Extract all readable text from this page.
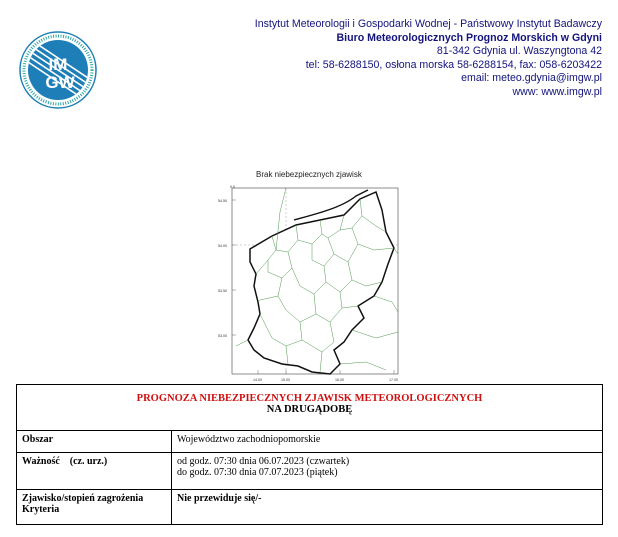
IM
GW
Instytut Meteorologii i Gospodarki Wodnej - Państwowy Instytut Badawczy
Biuro Meteorologicznych Prognoz Morskich w Gdyni
81-342 Gdynia ul. Waszyngtona 42
tel: 58-6288150, osłona morska 58-6288154, fax: 058-6203422
email: meteo.gdynia@imgw.pl
www: www.imgw.pl
Brak niebezpiecznych zjawisk
54.50
54.00
53.50
53.00
14.00	15.00	16.00	17.00
0.0
PROGNOZA NIEBEZPIECZNYCH ZJAWISK METEOROLOGICZNYCH
NA DRUGĄDOBĘ	

Obszar	Województwo zachodniopomorskie
Ważność    (cz. urz.)	od godz. 07:30 dnia 06.07.2023 (czwartek)
do godz. 07:30 dnia 07.07.2023 (piątek)

Zjawisko/stopień zagrożenia Kryteria	Nie przewiduje się/-
